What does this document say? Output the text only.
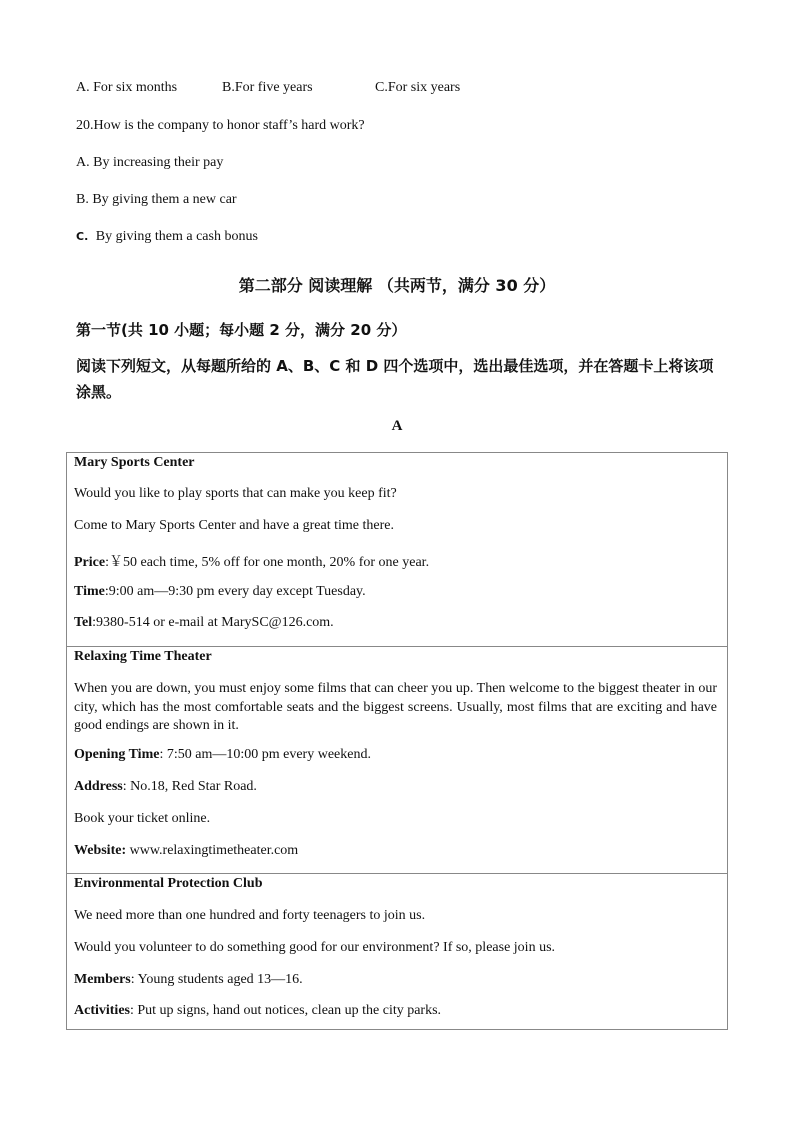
A. For six months	B.For five years	C.For six years
20.How is the company to honor staff’s hard work?
A. By increasing their pay
B. By giving them a new car
C. By giving them a cash bonus
第二部分 阅读理解 （共两节，满分 30 分）
第一节(共 10 小题；每小题 2 分，满分 20 分）
阅读下列短文，从每题所给的 A、B、C 和 D 四个选项中，选出最佳选项，并在答题卡上将该项涂黑。
A
Mary Sports Center
Would you like to play sports that can make you keep fit?
Come to Mary Sports Center and have a great time there.
Price:￥50 each time, 5% off for one month, 20% for one year.
Time:9:00 am—9:30 pm every day except Tuesday.
Tel:9380-514 or e-mail at MarySC@126.com.
Relaxing Time Theater
When you are down, you must enjoy some films that can cheer you up. Then welcome to the biggest theater in our city, which has the most comfortable seats and the biggest screens. Usually, most films that are exciting and have good endings are shown in it.
Opening Time: 7:50 am—10:00 pm every weekend.
Address: No.18, Red Star Road.
Book your ticket online.
Website: www.relaxingtimetheater.com
Environmental Protection Club
We need more than one hundred and forty teenagers to join us.
Would you volunteer to do something good for our environment? If so, please join us.
Members: Young students aged 13—16.
Activities: Put up signs, hand out notices, clean up the city parks.
